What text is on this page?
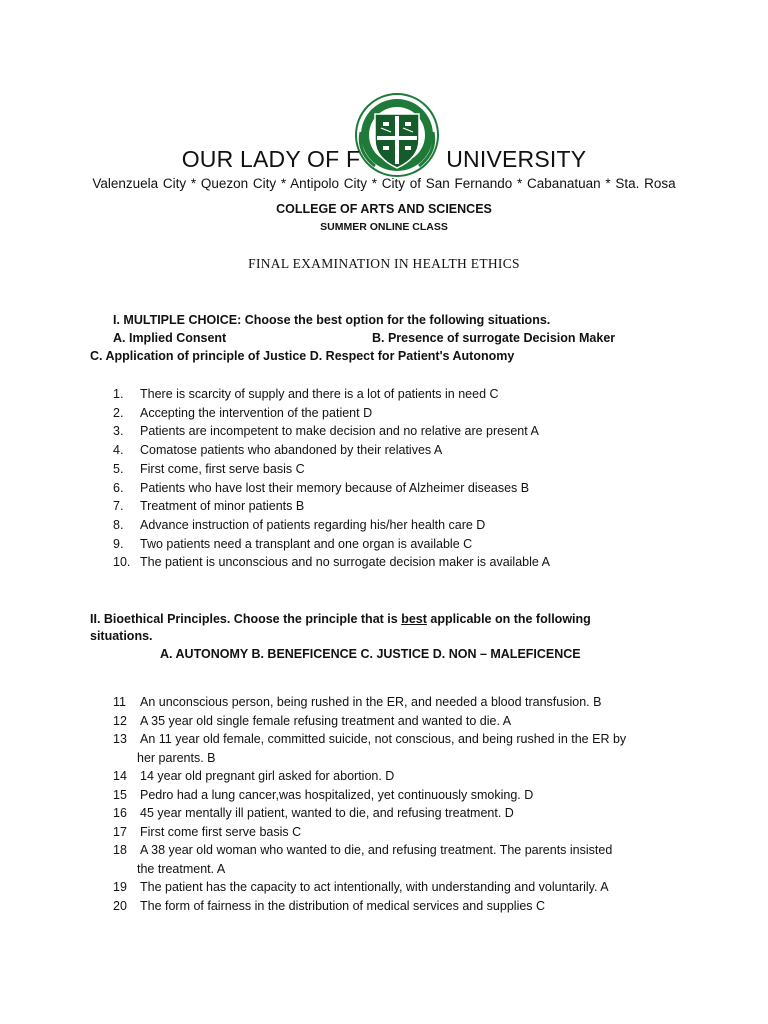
1967
OUR LADY OF F	UNIVERSITY
Valenzuela City * Quezon City * Antipolo City * City of San Fernando * Cabanatuan * Sta. Rosa
COLLEGE OF ARTS AND SCIENCES
SUMMER ONLINE CLASS
FINAL EXAMINATION IN HEALTH ETHICS
I. MULTIPLE CHOICE: Choose the best option for the following situations.
A. Implied Consent	B. Presence of surrogate Decision Maker
C. Application of principle of Justice D. Respect for Patient's Autonomy
1. There is scarcity of supply and there is a lot of patients in need C
2. Accepting the intervention of the patient D
3. Patients are incompetent to make decision and no relative are present A
4. Comatose patients who abandoned by their relatives A
5. First come, first serve basis C
6. Patients who have lost their memory because of Alzheimer diseases B
7. Treatment of minor patients B
8. Advance instruction of patients regarding his/her health care D
9. Two patients need a transplant and one organ is available C
10. The patient is unconscious and no surrogate decision maker is available A
II. Bioethical Principles. Choose the principle that is best applicable on the following
situations.
A. AUTONOMY B. BENEFICENCE C. JUSTICE D. NON – MALEFICENCE
11 An unconscious person, being rushed in the ER, and needed a blood transfusion. B
12 A 35 year old single female refusing treatment and wanted to die. A
13 An 11 year old female, committed suicide, not conscious, and being rushed in the ER by
her parents. B
14 14 year old pregnant girl asked for abortion. D
15 Pedro had a lung cancer,was hospitalized, yet continuously smoking. D
16 45 year mentally ill patient, wanted to die, and refusing treatment. D
17 First come first serve basis C
18 A 38 year old woman who wanted to die, and refusing treatment. The parents insisted
the treatment. A
19 The patient has the capacity to act intentionally, with understanding and voluntarily. A
20 The form of fairness in the distribution of medical services and supplies C
